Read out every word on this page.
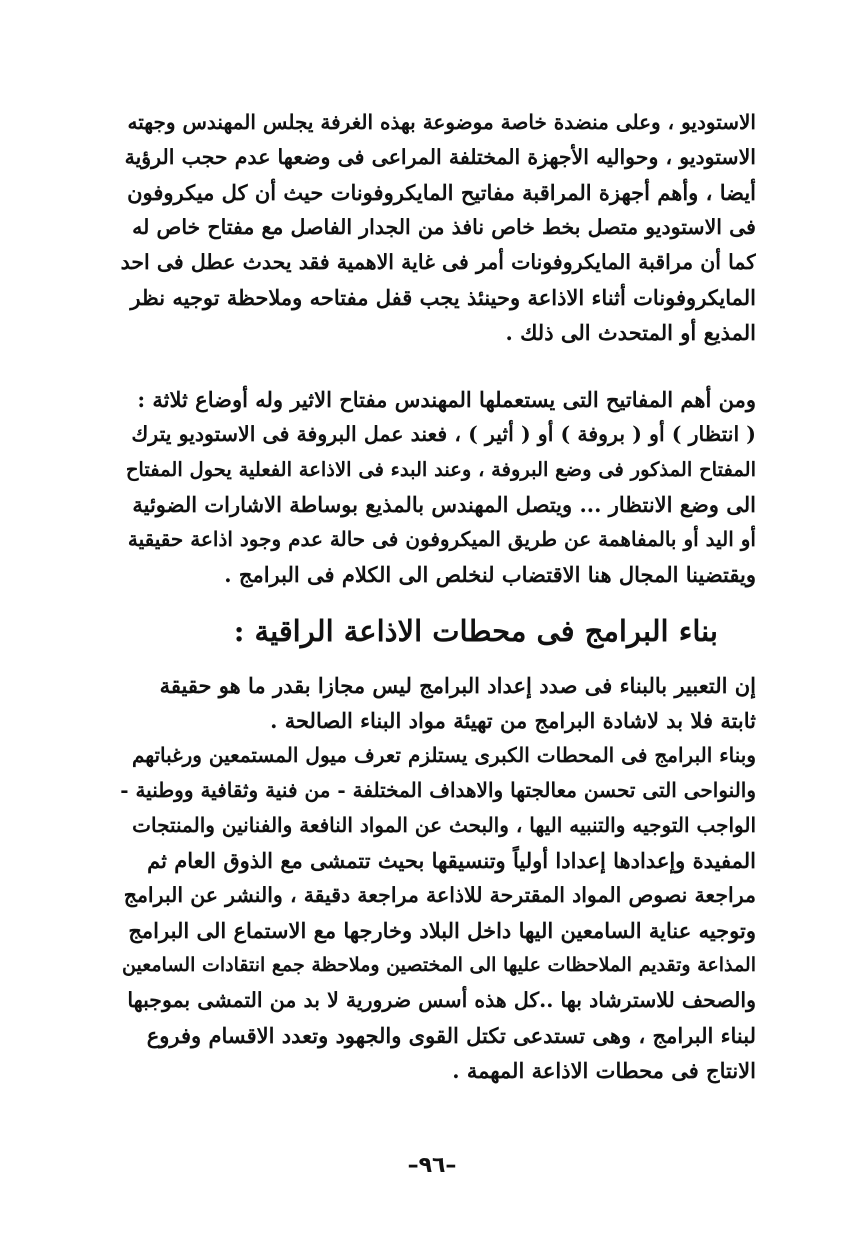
الاستوديو ، وعلى منضدة خاصة موضوعة بهذه الغرفة يجلس المهندس وجهته
الاستوديو ، وحواليه الأجهزة المختلفة المراعى فى وضعها عدم حجب الرؤية
أيضا ، وأهم أجهزة المراقبة مفاتيح المايكروفونات حيث أن كل ميكروفون
فى الاستوديو متصل بخط خاص نافذ من الجدار الفاصل مع مفتاح خاص له
كما أن مراقبة المايكروفونات أمر فى غاية الاهمية فقد يحدث عطل فى احد
المايكروفونات أثناء الاذاعة وحينئذ يجب قفل مفتاحه وملاحظة توجيه نظر
المذيع أو المتحدث الى ذلك .
ومن أهم المفاتيح التى يستعملها المهندس مفتاح الاثير وله أوضاع ثلاثة :
( انتظار ) أو ( بروفة ) أو ( أثير ) ، فعند عمل البروفة فى الاستوديو يترك
المفتاح المذكور فى وضع البروفة ، وعند البدء فى الاذاعة الفعلية يحول المفتاح
الى وضع الانتظار ... ويتصل المهندس بالمذيع بوساطة الاشارات الضوئية
أو اليد أو بالمفاهمة عن طريق الميكروفون فى حالة عدم وجود اذاعة حقيقية
ويقتضينا المجال هنا الاقتضاب لنخلص الى الكلام فى البرامج .
بناء البرامج فى محطات الاذاعة الراقية :
إن التعبير بالبناء فى صدد إعداد البرامج ليس مجازا بقدر ما هو حقيقة
ثابتة فلا بد لاشادة البرامج من تهيئة مواد البناء الصالحة .
وبناء البرامج فى المحطات الكبرى يستلزم تعرف ميول المستمعين ورغباتهم
والنواحى التى تحسن معالجتها والاهداف المختلفة - من فنية وثقافية ووطنية -
الواجب التوجيه والتنبيه اليها ، والبحث عن المواد النافعة والفنانين والمنتجات
المفيدة وإعدادها إعدادا أولياً وتنسيقها بحيث تتمشى مع الذوق العام ثم
مراجعة نصوص المواد المقترحة للاذاعة مراجعة دقيقة ، والنشر عن البرامج
وتوجيه عناية السامعين اليها داخل البلاد وخارجها مع الاستماع الى البرامج
المذاعة وتقديم الملاحظات عليها الى المختصين وملاحظة جمع انتقادات السامعين
والصحف للاسترشاد بها ..كل هذه أسس ضرورية لا بد من التمشى بموجبها
لبناء البرامج ، وهى تستدعى تكتل القوى والجهود وتعدد الاقسام وفروع
الانتاج فى محطات الاذاعة المهمة .
–٩٦–
